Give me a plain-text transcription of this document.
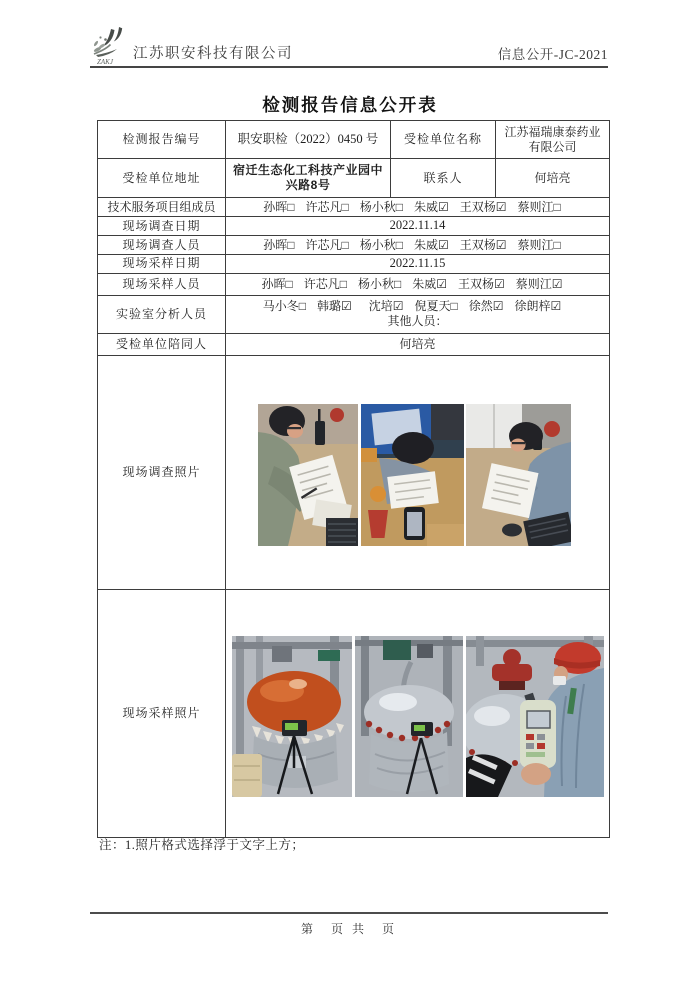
ZAKJ 江苏职安科技有限公司	信息公开-JC-2021
检测报告信息公开表
检测报告编号	职安职检（2022）0450 号	受检单位名称	江苏福瑞康泰药业有限公司
受检单位地址	宿迁生态化工科技产业园中兴路8号	联系人	何培亮
技术服务项目组成员	孙晖□ 许芯凡□ 杨小秋□ 朱威☑ 王双杨☑ 蔡则江□		
现场调查日期	2022.11.14		
现场调查人员	孙晖□ 许芯凡□ 杨小秋□ 朱威☑ 王双杨☑ 蔡则江□		
现场采样日期	2022.11.15		
现场采样人员	孙晖□ 许芯凡□ 杨小秋□ 朱威☑ 王双杨☑ 蔡则江☑		
实验室分析人员	马小冬□ 韩璐☑ 沈培☑ 倪夏天□ 徐然☑ 徐朗梓☑
其他人员：		

受检单位陪同人	何培亮		
现场调查照片	

现场采样照片	
注：1.照片格式选择浮于文字上方；
第　页 共　页
